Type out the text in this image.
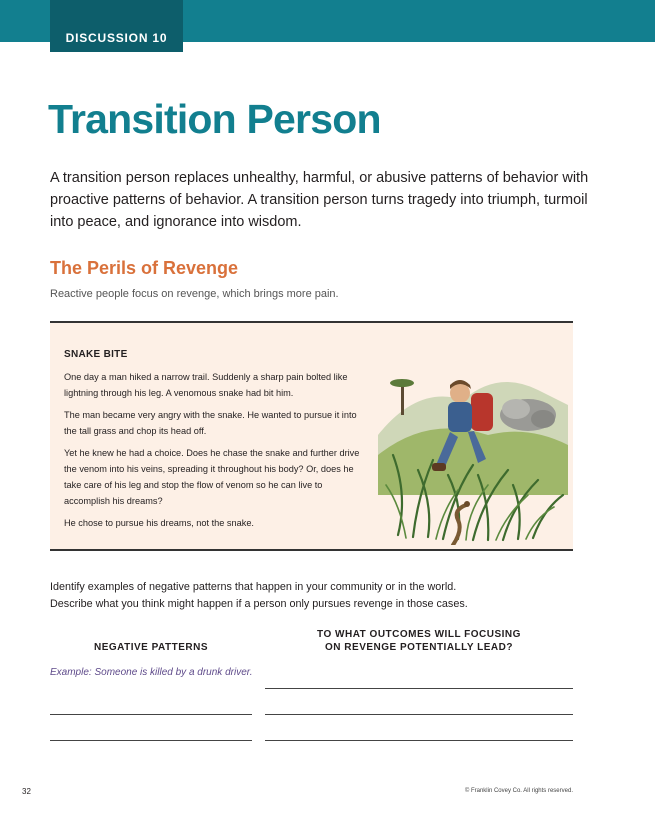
DISCUSSION 10
Transition Person

A transition person replaces unhealthy, harmful, or abusive patterns of behavior with proactive patterns of behavior. A transition person turns tragedy into triumph, turmoil into peace, and ignorance into wisdom.

The Perils of Revenge

Reactive people focus on revenge, which brings more pain.

SNAKE BITE

One day a man hiked a narrow trail. Suddenly a sharp pain bolted like lightning through his leg. A venomous snake had bit him.

The man became very angry with the snake. He wanted to pursue it into the tall grass and chop its head off.

Yet he knew he had a choice. Does he chase the snake and further drive the venom into his veins, spreading it throughout his body? Or, does he take care of his leg and stop the flow of venom so he can live to accomplish his dreams?

He chose to pursue his dreams, not the snake.

Identify examples of negative patterns that happen in your community or in the world.
Describe what you think might happen if a person only pursues revenge in those cases.

NEGATIVE PATTERNS
TO WHAT OUTCOMES WILL FOCUSING
ON REVENGE POTENTIALLY LEAD?

Example: Someone is killed by a drunk driver.

32	© Franklin Covey Co. All rights reserved.
